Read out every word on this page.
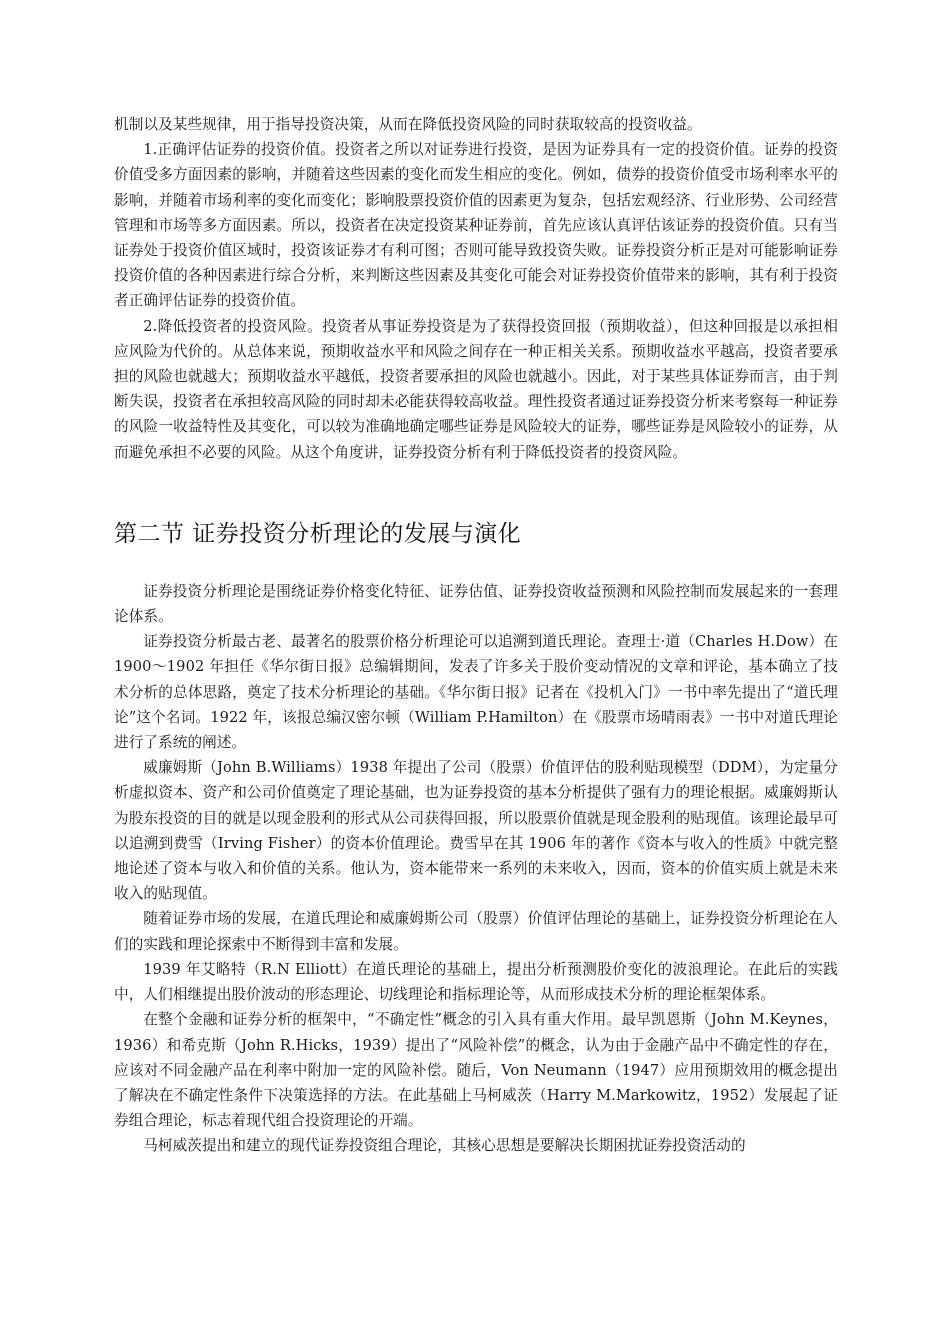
机制以及某些规律，用于指导投资决策，从而在降低投资风险的同时获取较高的投资收益。

1.正确评估证券的投资价值。投资者之所以对证券进行投资，是因为证券具有一定的投资价值。证券的投资价值受多方面因素的影响，并随着这些因素的变化而发生相应的变化。例如，债券的投资价值受市场利率水平的影响，并随着市场利率的变化而变化；影响股票投资价值的因素更为复杂，包括宏观经济、行业形势、公司经营管理和市场等多方面因素。所以，投资者在决定投资某种证券前，首先应该认真评估该证券的投资价值。只有当证券处于投资价值区域时，投资该证券才有利可图；否则可能导致投资失败。证券投资分析正是对可能影响证券投资价值的各种因素进行综合分析，来判断这些因素及其变化可能会对证券投资价值带来的影响，其有利于投资者正确评估证券的投资价值。

2.降低投资者的投资风险。投资者从事证券投资是为了获得投资回报（预期收益），但这种回报是以承担相应风险为代价的。从总体来说，预期收益水平和风险之间存在一种正相关关系。预期收益水平越高，投资者要承担的风险也就越大；预期收益水平越低，投资者要承担的风险也就越小。因此，对于某些具体证券而言，由于判断失误，投资者在承担较高风险的同时却未必能获得较高收益。理性投资者通过证券投资分析来考察每一种证券的风险一收益特性及其变化，可以较为准确地确定哪些证券是风险较大的证券，哪些证券是风险较小的证券，从而避免承担不必要的风险。从这个角度讲，证券投资分析有利于降低投资者的投资风险。

第二节 证券投资分析理论的发展与演化

证券投资分析理论是围绕证券价格变化特征、证券估值、证券投资收益预测和风险控制而发展起来的一套理论体系。

证券投资分析最古老、最著名的股票价格分析理论可以追溯到道氏理论。查理士·道（Charles H.Dow）在 1900～1902 年担任《华尔街日报》总编辑期间，发表了许多关于股价变动情况的文章和评论，基本确立了技术分析的总体思路，奠定了技术分析理论的基础。《华尔街日报》记者在《投机入门》一书中率先提出了“道氏理论”这个名词。1922 年，该报总编汉密尔顿（William P.Hamilton）在《股票市场晴雨表》一书中对道氏理论进行了系统的阐述。

威廉姆斯（John B.Williams）1938 年提出了公司（股票）价值评估的股利贴现模型（DDM），为定量分析虚拟资本、资产和公司价值奠定了理论基础，也为证券投资的基本分析提供了强有力的理论根据。威廉姆斯认为股东投资的目的就是以现金股利的形式从公司获得回报，所以股票价值就是现金股利的贴现值。该理论最早可以追溯到费雪（Irving Fisher）的资本价值理论。费雪早在其 1906 年的著作《资本与收入的性质》中就完整地论述了资本与收入和价值的关系。他认为，资本能带来一系列的未来收入，因而，资本的价值实质上就是未来收入的贴现值。

随着证券市场的发展，在道氏理论和威廉姆斯公司（股票）价值评估理论的基础上，证券投资分析理论在人们的实践和理论探索中不断得到丰富和发展。

1939 年艾略特（R.N Elliott）在道氏理论的基础上，提出分析预测股价变化的波浪理论。在此后的实践中，人们相继提出股价波动的形态理论、切线理论和指标理论等，从而形成技术分析的理论框架体系。

在整个金融和证券分析的框架中，“不确定性”概念的引入具有重大作用。最早凯恩斯（John M.Keynes，1936）和希克斯（John R.Hicks，1939）提出了“风险补偿”的概念，认为由于金融产品中不确定性的存在，应该对不同金融产品在利率中附加一定的风险补偿。随后，Von Neumann（1947）应用预期效用的概念提出了解决在不确定性条件下决策选择的方法。在此基础上马柯威茨（Harry M.Markowitz，1952）发展起了证券组合理论，标志着现代组合投资理论的开端。

马柯威茨提出和建立的现代证券投资组合理论，其核心思想是要解决长期困扰证券投资活动的
